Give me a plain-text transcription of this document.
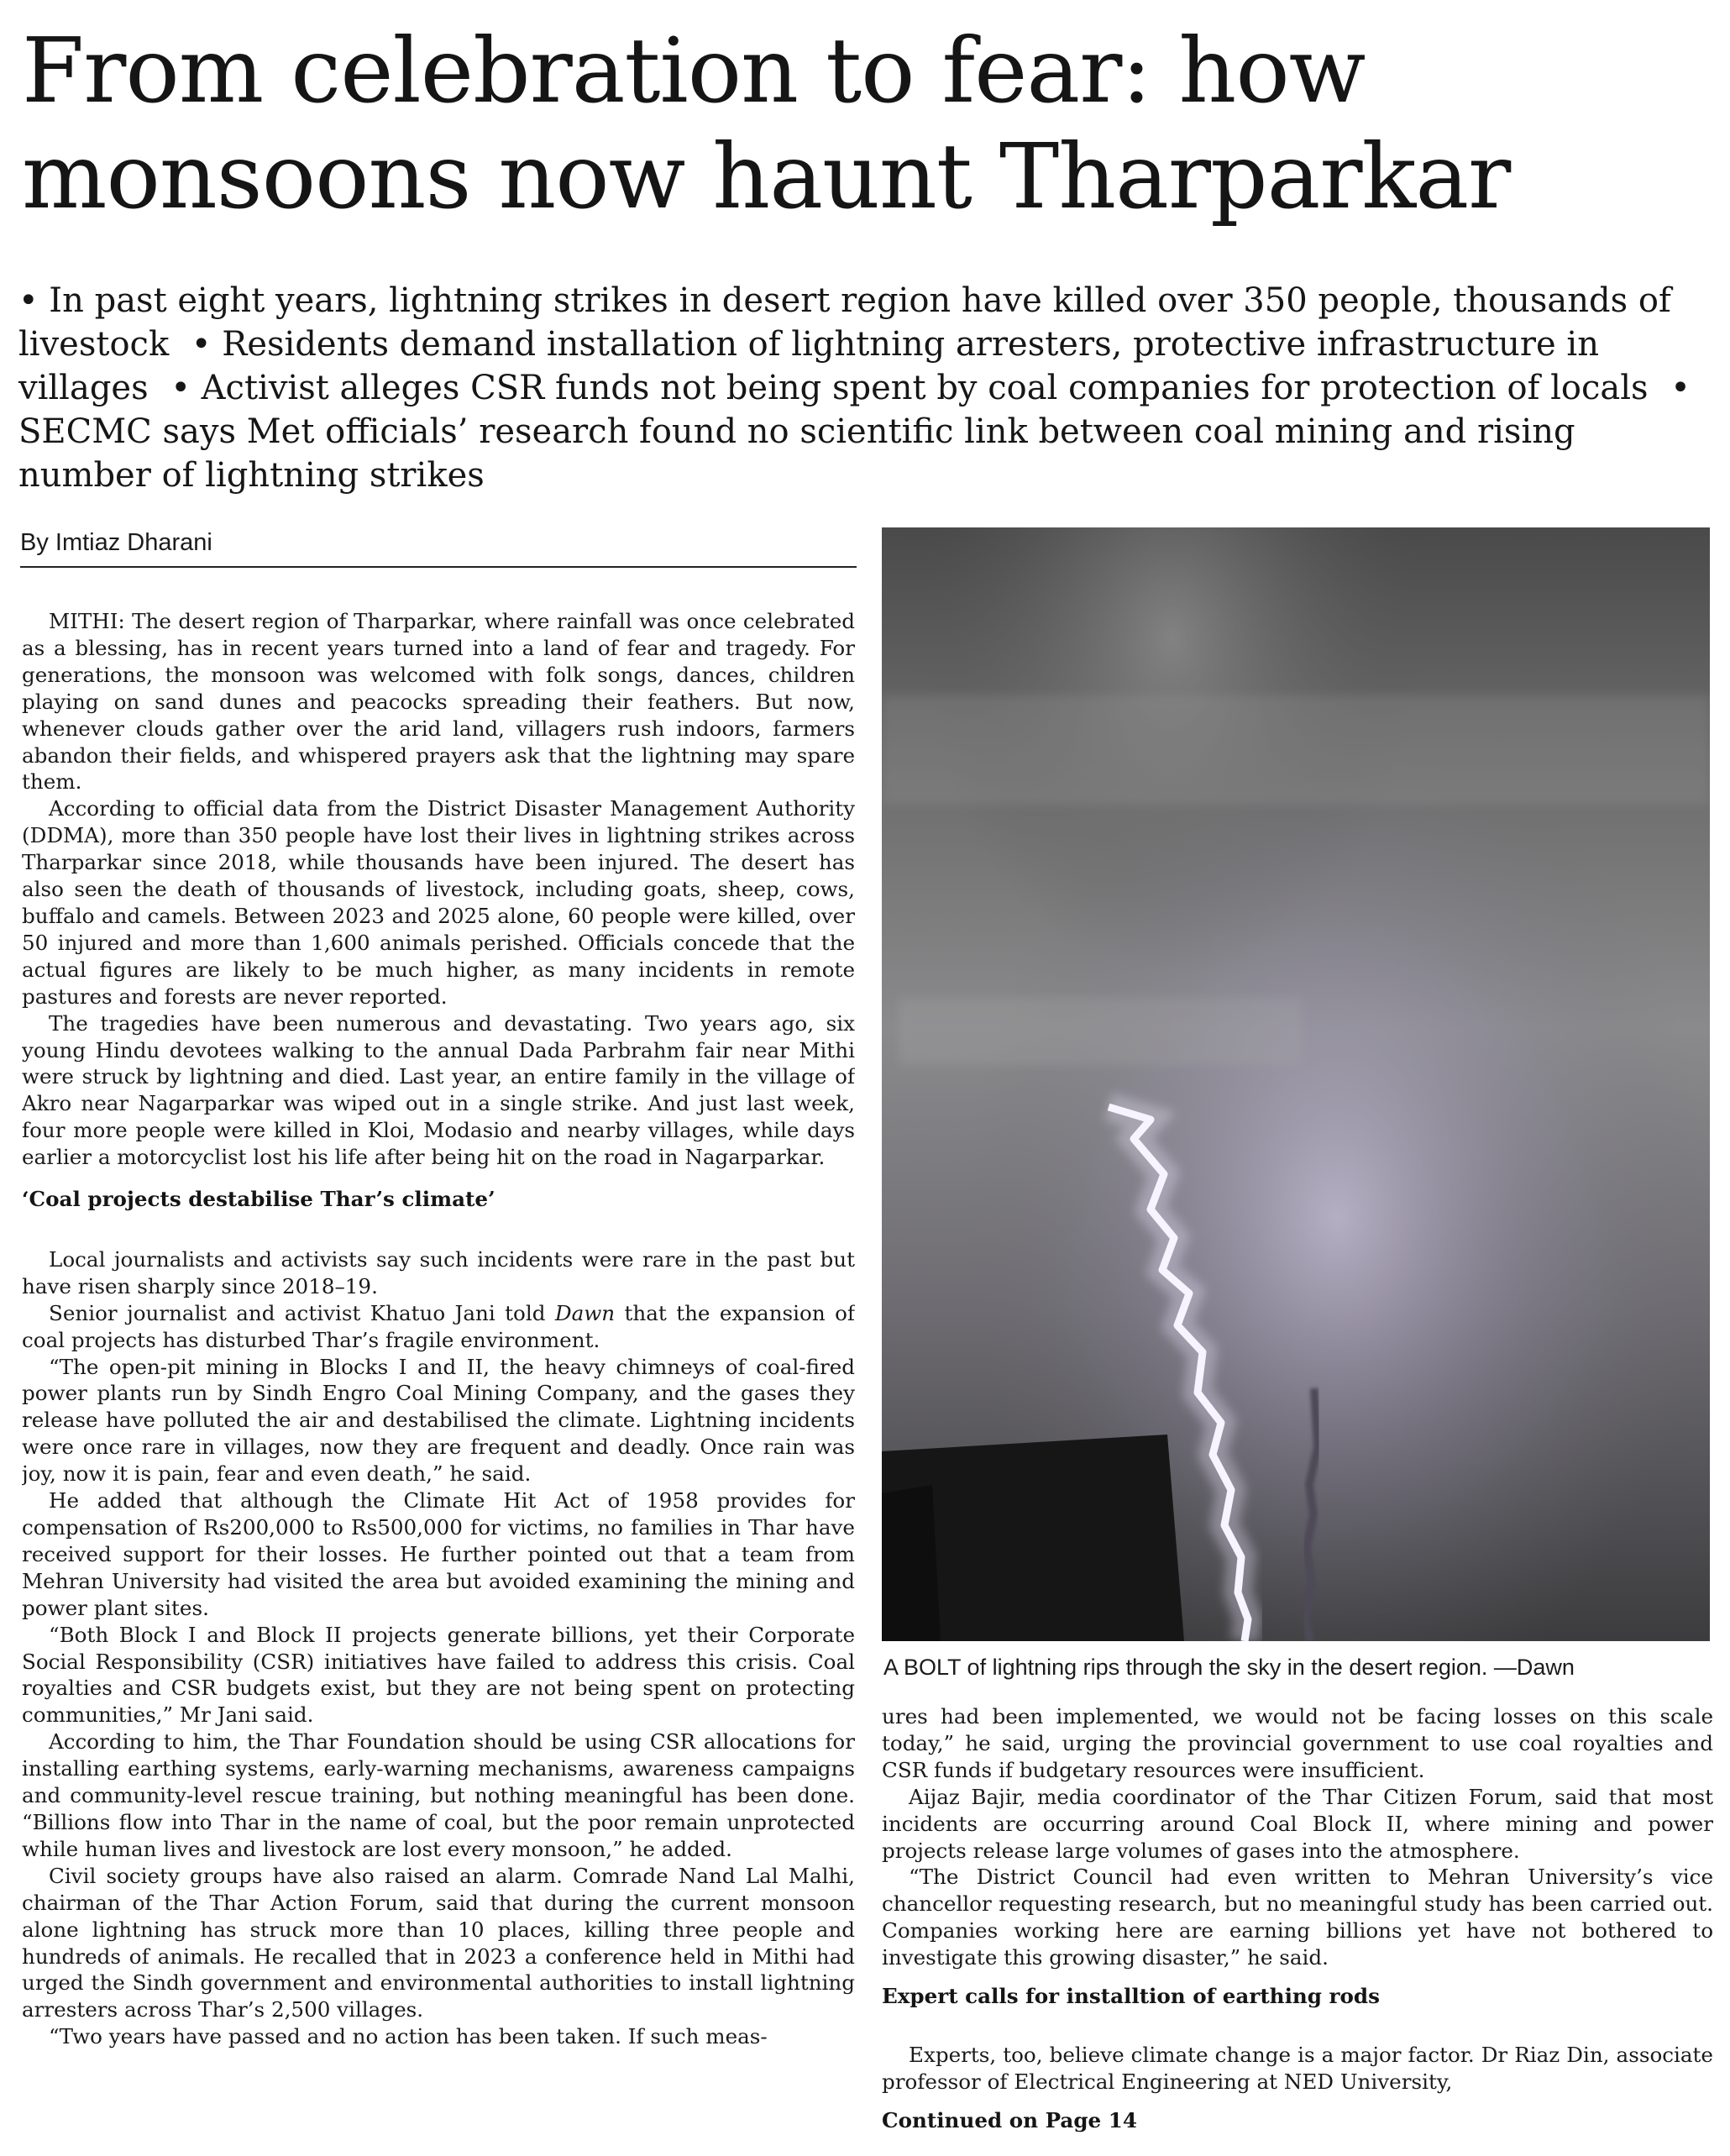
From celebration to fear: how monsoons now haunt Tharparkar
• In past eight years, lightning strikes in desert region have killed over 350 people, thousands of livestock • Residents demand installation of lightning arresters, protective infrastructure in villages • Activist alleges CSR funds not being spent by coal companies for protection of locals • SECMC says Met officials’ research found no scientific link between coal mining and rising number of lightning strikes
By Imtiaz Dharani

MITHI: The desert region of Tharparkar, where rainfall was once celebrated as a blessing, has in recent years turned into a land of fear and tragedy. For generations, the monsoon was welcomed with folk songs, dances, children playing on sand dunes and peacocks spreading their feathers. But now, whenever clouds gather over the arid land, villagers rush indoors, farmers abandon their fields, and whispered prayers ask that the lightning may spare them.

According to official data from the District Disaster Management Authority (DDMA), more than 350 people have lost their lives in lightning strikes across Tharparkar since 2018, while thousands have been injured. The desert has also seen the death of thousands of livestock, including goats, sheep, cows, buffalo and camels. Between 2023 and 2025 alone, 60 people were killed, over 50 injured and more than 1,600 animals perished. Officials concede that the actual figures are likely to be much higher, as many incidents in remote pastures and forests are never reported.

The tragedies have been numerous and devastating. Two years ago, six young Hindu devotees walking to the annual Dada Parbrahm fair near Mithi were struck by lightning and died. Last year, an entire family in the village of Akro near Nagarparkar was wiped out in a single strike. And just last week, four more people were killed in Kloi, Modasio and nearby villages, while days earlier a motorcyclist lost his life after being hit on the road in Nagarparkar.

‘Coal projects destabilise Thar’s climate’

Local journalists and activists say such incidents were rare in the past but have risen sharply since 2018–19.

Senior journalist and activist Khatuo Jani told Dawn that the expansion of coal projects has disturbed Thar’s fragile environment.

“The open-pit mining in Blocks I and II, the heavy chimneys of coal-fired power plants run by Sindh Engro Coal Mining Company, and the gases they release have polluted the air and destabilised the climate. Lightning incidents were once rare in villages, now they are frequent and deadly. Once rain was joy, now it is pain, fear and even death,” he said.

He added that although the Climate Hit Act of 1958 provides for compensation of Rs200,000 to Rs500,000 for victims, no families in Thar have received support for their losses. He further pointed out that a team from Mehran University had visited the area but avoided examining the mining and power plant sites.

“Both Block I and Block II projects generate billions, yet their Corporate Social Responsibility (CSR) initiatives have failed to address this crisis. Coal royalties and CSR budgets exist, but they are not being spent on protecting communities,” Mr Jani said.

According to him, the Thar Foundation should be using CSR allocations for installing earthing systems, early-warning mechanisms, awareness campaigns and community-level rescue training, but nothing meaningful has been done. “Billions flow into Thar in the name of coal, but the poor remain unprotected while human lives and livestock are lost every monsoon,” he added.

Civil society groups have also raised an alarm. Comrade Nand Lal Malhi, chairman of the Thar Action Forum, said that during the current monsoon alone lightning has struck more than 10 places, killing three people and hundreds of animals. He recalled that in 2023 a conference held in Mithi had urged the Sindh government and environmental authorities to install lightning arresters across Thar’s 2,500 villages.

“Two years have passed and no action has been taken. If such meas-

A BOLT of lightning rips through the sky in the desert region. —Dawn

ures had been implemented, we would not be facing losses on this scale today,” he said, urging the provincial government to use coal royalties and CSR funds if budgetary resources were insufficient.

Aijaz Bajir, media coordinator of the Thar Citizen Forum, said that most incidents are occurring around Coal Block II, where mining and power projects release large volumes of gases into the atmosphere.

“The District Council had even written to Mehran University’s vice chancellor requesting research, but no meaningful study has been carried out. Companies working here are earning billions yet have not bothered to investigate this growing disaster,” he said.

Expert calls for installtion of earthing rods

Experts, too, believe climate change is a major factor. Dr Riaz Din, associate professor of Electrical Engineering at NED University,

Continued on Page 14
